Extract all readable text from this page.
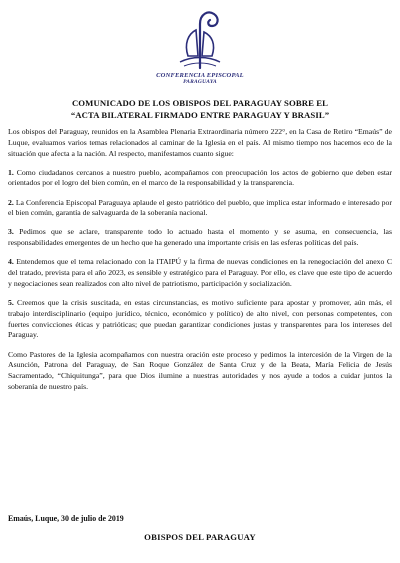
CONFERENCIA EPISCOPAL
PARAGUAYA
COMUNICADO DE LOS OBISPOS DEL PARAGUAY SOBRE EL
“ACTA BILATERAL FIRMADO ENTRE PARAGUAY Y BRASIL”

Los obispos del Paraguay, reunidos en la Asamblea Plenaria Extraordinaria número 222°, en la Casa de Retiro “Emaús” de Luque, evaluamos varios temas relacionados al caminar de la Iglesia en el país. Al mismo tiempo nos hacemos eco de la situación que afecta a la nación. Al respecto, manifestamos cuanto sigue:

1. Como ciudadanos cercanos a nuestro pueblo, acompañamos con preocupación los actos de gobierno que deben estar orientados por el logro del bien común, en el marco de la responsabilidad y la transparencia.

2. La Conferencia Episcopal Paraguaya aplaude el gesto patriótico del pueblo, que implica estar informado e interesado por el bien común, garantía de salvaguarda de la soberanía nacional.

3. Pedimos que se aclare, transparente todo lo actuado hasta el momento y se asuma, en consecuencia, las responsabilidades emergentes de un hecho que ha generado una importante crisis en las esferas políticas del país.

4. Entendemos que el tema relacionado con la ITAIPÚ y la firma de nuevas condiciones en la renegociación del anexo C del tratado, prevista para el año 2023, es sensible y estratégico para el Paraguay. Por ello, es clave que este tipo de acuerdo y negociaciones sean realizados con alto nivel de patriotismo, participación y socialización.

5. Creemos que la crisis suscitada, en estas circunstancias, es motivo suficiente para apostar y promover, aún más, el trabajo interdisciplinario (equipo jurídico, técnico, económico y político) de alto nivel, con personas competentes, con fuertes convicciones éticas y patrióticas; que puedan garantizar condiciones justas y transparentes para los intereses del Paraguay.

Como Pastores de la Iglesia acompañamos con nuestra oración este proceso y pedimos la intercesión de la Virgen de la Asunción, Patrona del Paraguay, de San Roque González de Santa Cruz y de la Beata, María Felicia de Jesús Sacramentado, “Chiquitunga”, para que Dios ilumine a nuestras autoridades y nos ayude a todos a cuidar juntos la soberanía de nuestro país.

Emaús, Luque, 30 de julio de 2019
OBISPOS DEL PARAGUAY
